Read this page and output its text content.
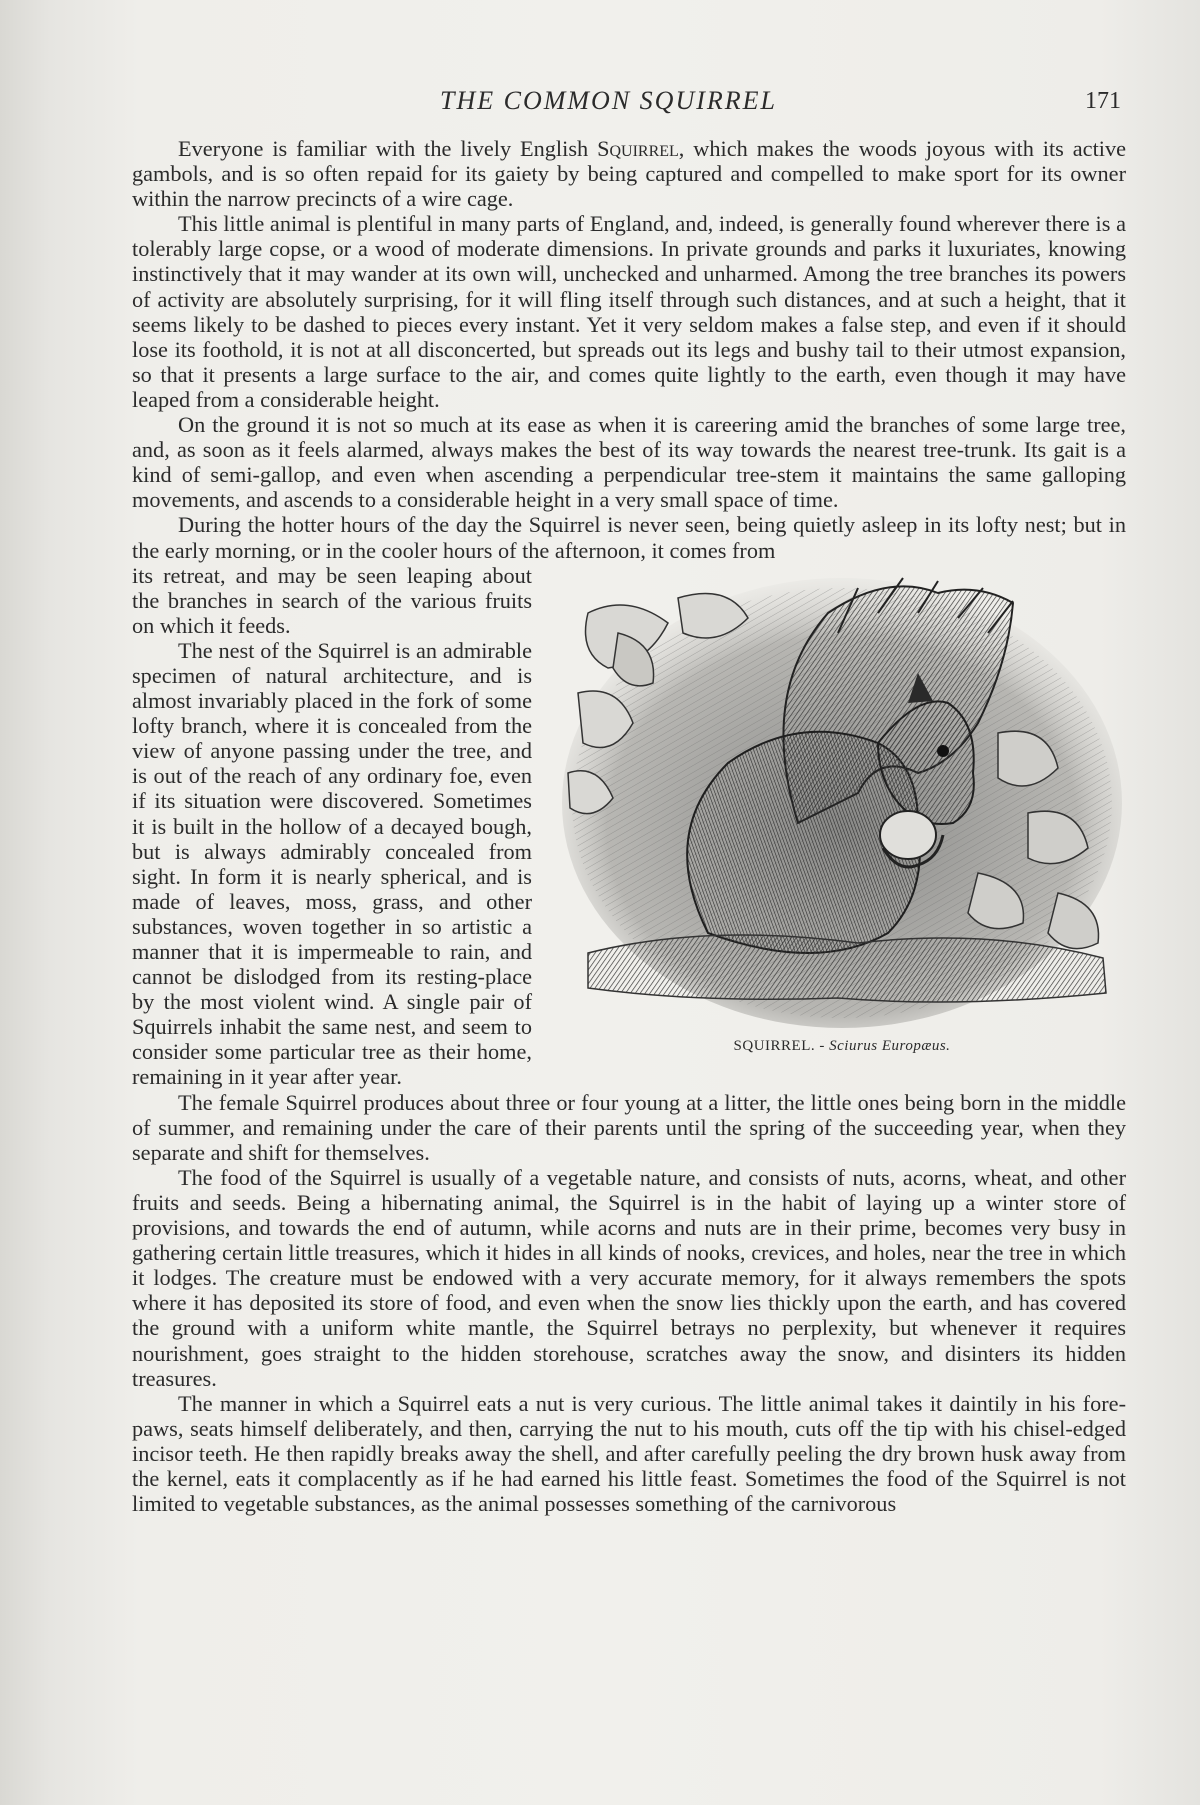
THE COMMON SQUIRREL	171

Everyone is familiar with the lively English Squirrel, which makes the woods joyous with its active gambols, and is so often repaid for its gaiety by being captured and compelled to make sport for its owner within the narrow precincts of a wire cage.

This little animal is plentiful in many parts of England, and, indeed, is generally found wherever there is a tolerably large copse, or a wood of moderate dimensions. In private grounds and parks it luxuriates, knowing instinctively that it may wander at its own will, unchecked and unharmed. Among the tree branches its powers of activity are absolutely surprising, for it will fling itself through such distances, and at such a height, that it seems likely to be dashed to pieces every instant. Yet it very seldom makes a false step, and even if it should lose its foothold, it is not at all disconcerted, but spreads out its legs and bushy tail to their utmost expansion, so that it presents a large surface to the air, and comes quite lightly to the earth, even though it may have leaped from a considerable height.

On the ground it is not so much at its ease as when it is careering amid the branches of some large tree, and, as soon as it feels alarmed, always makes the best of its way towards the nearest tree-trunk. Its gait is a kind of semi-gallop, and even when ascending a perpendicular tree-stem it maintains the same galloping movements, and ascends to a considerable height in a very small space of time.

During the hotter hours of the day the Squirrel is never seen, being quietly asleep in its lofty nest; but in the early morning, or in the cooler hours of the afternoon, it comes from

SQUIRREL. - Sciurus Europæus.

its retreat, and may be seen leaping about the branches in search of the various fruits on which it feeds.

The nest of the Squirrel is an admirable specimen of natural architecture, and is almost invariably placed in the fork of some lofty branch, where it is concealed from the view of anyone passing under the tree, and is out of the reach of any ordinary foe, even if its situation were discovered. Sometimes it is built in the hollow of a decayed bough, but is always admirably concealed from sight. In form it is nearly spherical, and is made of leaves, moss, grass, and other substances, woven together in so artistic a manner that it is impermeable to rain, and cannot be dislodged from its resting-place by the most violent wind. A single pair of Squirrels inhabit the same nest, and seem to consider some particular tree as their home, remaining in it year after year.

The female Squirrel produces about three or four young at a litter, the little ones being born in the middle of summer, and remaining under the care of their parents until the spring of the succeeding year, when they separate and shift for themselves.

The food of the Squirrel is usually of a vegetable nature, and consists of nuts, acorns, wheat, and other fruits and seeds. Being a hibernating animal, the Squirrel is in the habit of laying up a winter store of provisions, and towards the end of autumn, while acorns and nuts are in their prime, becomes very busy in gathering certain little treasures, which it hides in all kinds of nooks, crevices, and holes, near the tree in which it lodges. The creature must be endowed with a very accurate memory, for it always remembers the spots where it has deposited its store of food, and even when the snow lies thickly upon the earth, and has covered the ground with a uniform white mantle, the Squirrel betrays no perplexity, but whenever it requires nourishment, goes straight to the hidden storehouse, scratches away the snow, and disinters its hidden treasures.

The manner in which a Squirrel eats a nut is very curious. The little animal takes it daintily in his fore-paws, seats himself deliberately, and then, carrying the nut to his mouth, cuts off the tip with his chisel-edged incisor teeth. He then rapidly breaks away the shell, and after carefully peeling the dry brown husk away from the kernel, eats it complacently as if he had earned his little feast. Sometimes the food of the Squirrel is not limited to vegetable substances, as the animal possesses something of the carnivorous
